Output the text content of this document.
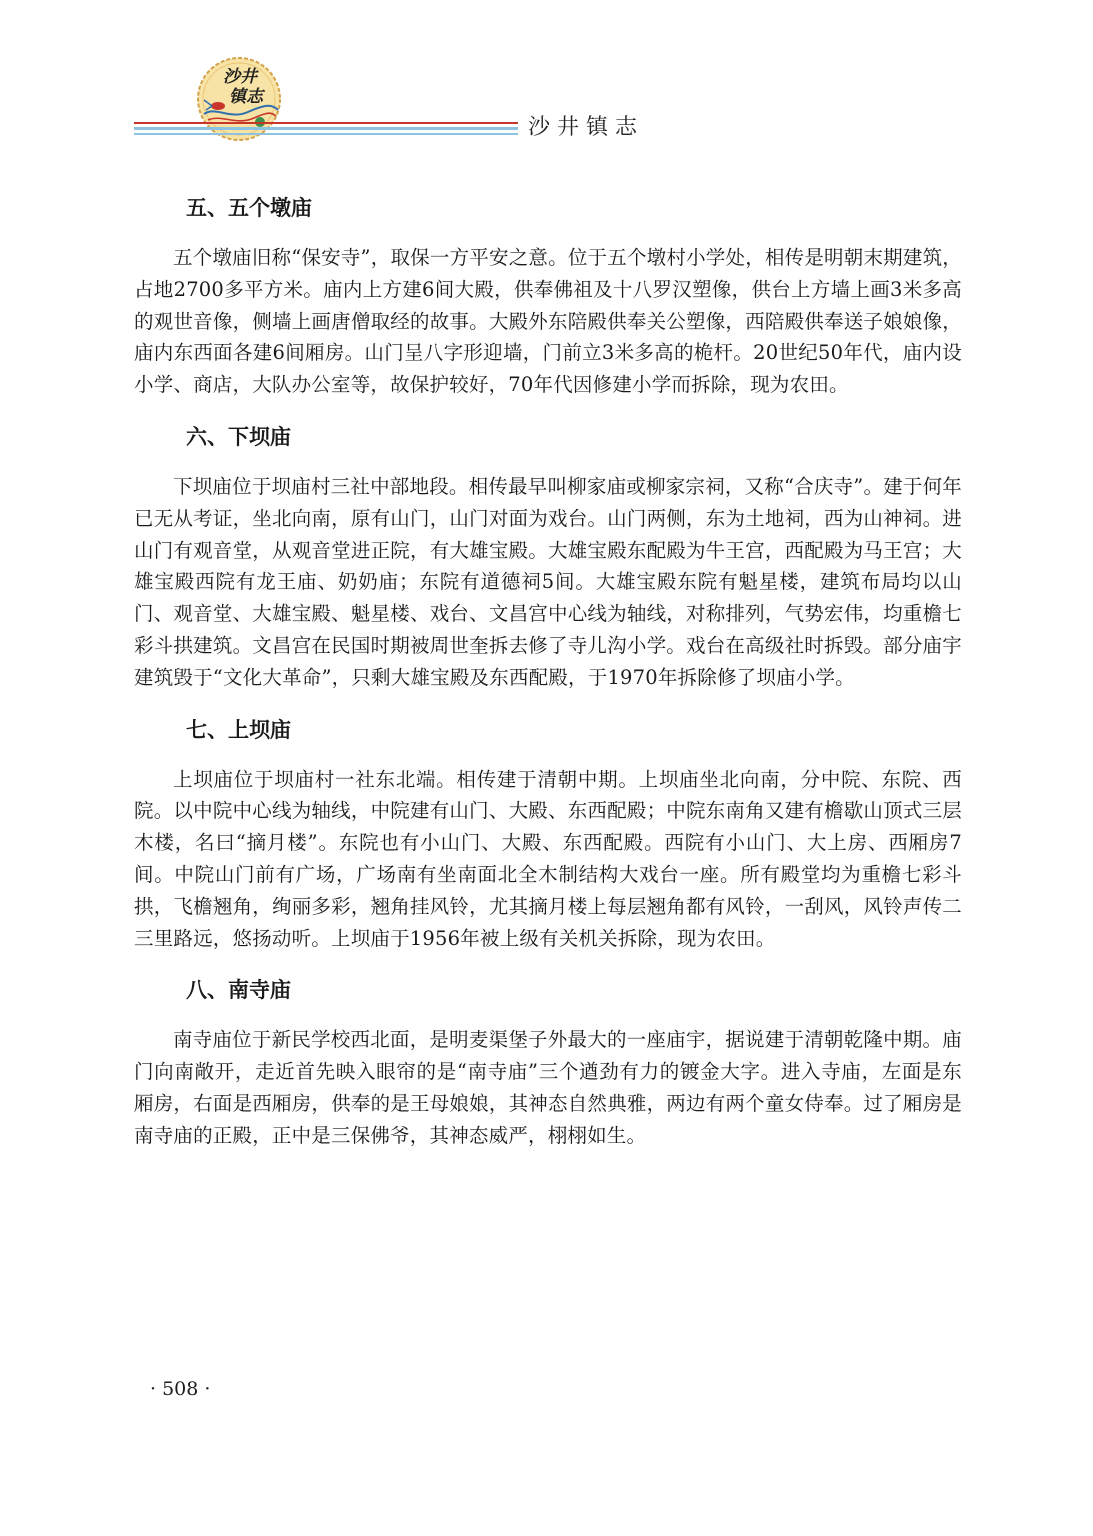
沙井
镇志
沙井镇志
五、五个墩庙

五个墩庙旧称“保安寺”，取保一方平安之意。位于五个墩村小学处，相传是明朝末期建筑，占地2700多平方米。庙内上方建6间大殿，供奉佛祖及十八罗汉塑像，供台上方墙上画3米多高的观世音像，侧墙上画唐僧取经的故事。大殿外东陪殿供奉关公塑像，西陪殿供奉送子娘娘像，庙内东西面各建6间厢房。山门呈八字形迎墙，门前立3米多高的桅杆。20世纪50年代，庙内设小学、商店，大队办公室等，故保护较好，70年代因修建小学而拆除，现为农田。

六、下坝庙

下坝庙位于坝庙村三社中部地段。相传最早叫柳家庙或柳家宗祠，又称“合庆寺”。建于何年已无从考证，坐北向南，原有山门，山门对面为戏台。山门两侧，东为土地祠，西为山神祠。进山门有观音堂，从观音堂进正院，有大雄宝殿。大雄宝殿东配殿为牛王宫，西配殿为马王宫；大雄宝殿西院有龙王庙、奶奶庙；东院有道德祠5间。大雄宝殿东院有魁星楼，建筑布局均以山门、观音堂、大雄宝殿、魁星楼、戏台、文昌宫中心线为轴线，对称排列，气势宏伟，均重檐七彩斗拱建筑。文昌宫在民国时期被周世奎拆去修了寺儿沟小学。戏台在高级社时拆毁。部分庙宇建筑毁于“文化大革命”，只剩大雄宝殿及东西配殿，于1970年拆除修了坝庙小学。

七、上坝庙

上坝庙位于坝庙村一社东北端。相传建于清朝中期。上坝庙坐北向南，分中院、东院、西院。以中院中心线为轴线，中院建有山门、大殿、东西配殿；中院东南角又建有檐歇山顶式三层木楼，名曰“摘月楼”。东院也有小山门、大殿、东西配殿。西院有小山门、大上房、西厢房7间。中院山门前有广场，广场南有坐南面北全木制结构大戏台一座。所有殿堂均为重檐七彩斗拱，飞檐翘角，绚丽多彩，翘角挂风铃，尤其摘月楼上每层翘角都有风铃，一刮风，风铃声传二三里路远，悠扬动听。上坝庙于1956年被上级有关机关拆除，现为农田。

八、南寺庙

南寺庙位于新民学校西北面，是明麦渠堡子外最大的一座庙宇，据说建于清朝乾隆中期。庙门向南敞开，走近首先映入眼帘的是“南寺庙”三个遒劲有力的镀金大字。进入寺庙，左面是东厢房，右面是西厢房，供奉的是王母娘娘，其神态自然典雅，两边有两个童女侍奉。过了厢房是南寺庙的正殿，正中是三保佛爷，其神态威严，栩栩如生。

· 508 ·
